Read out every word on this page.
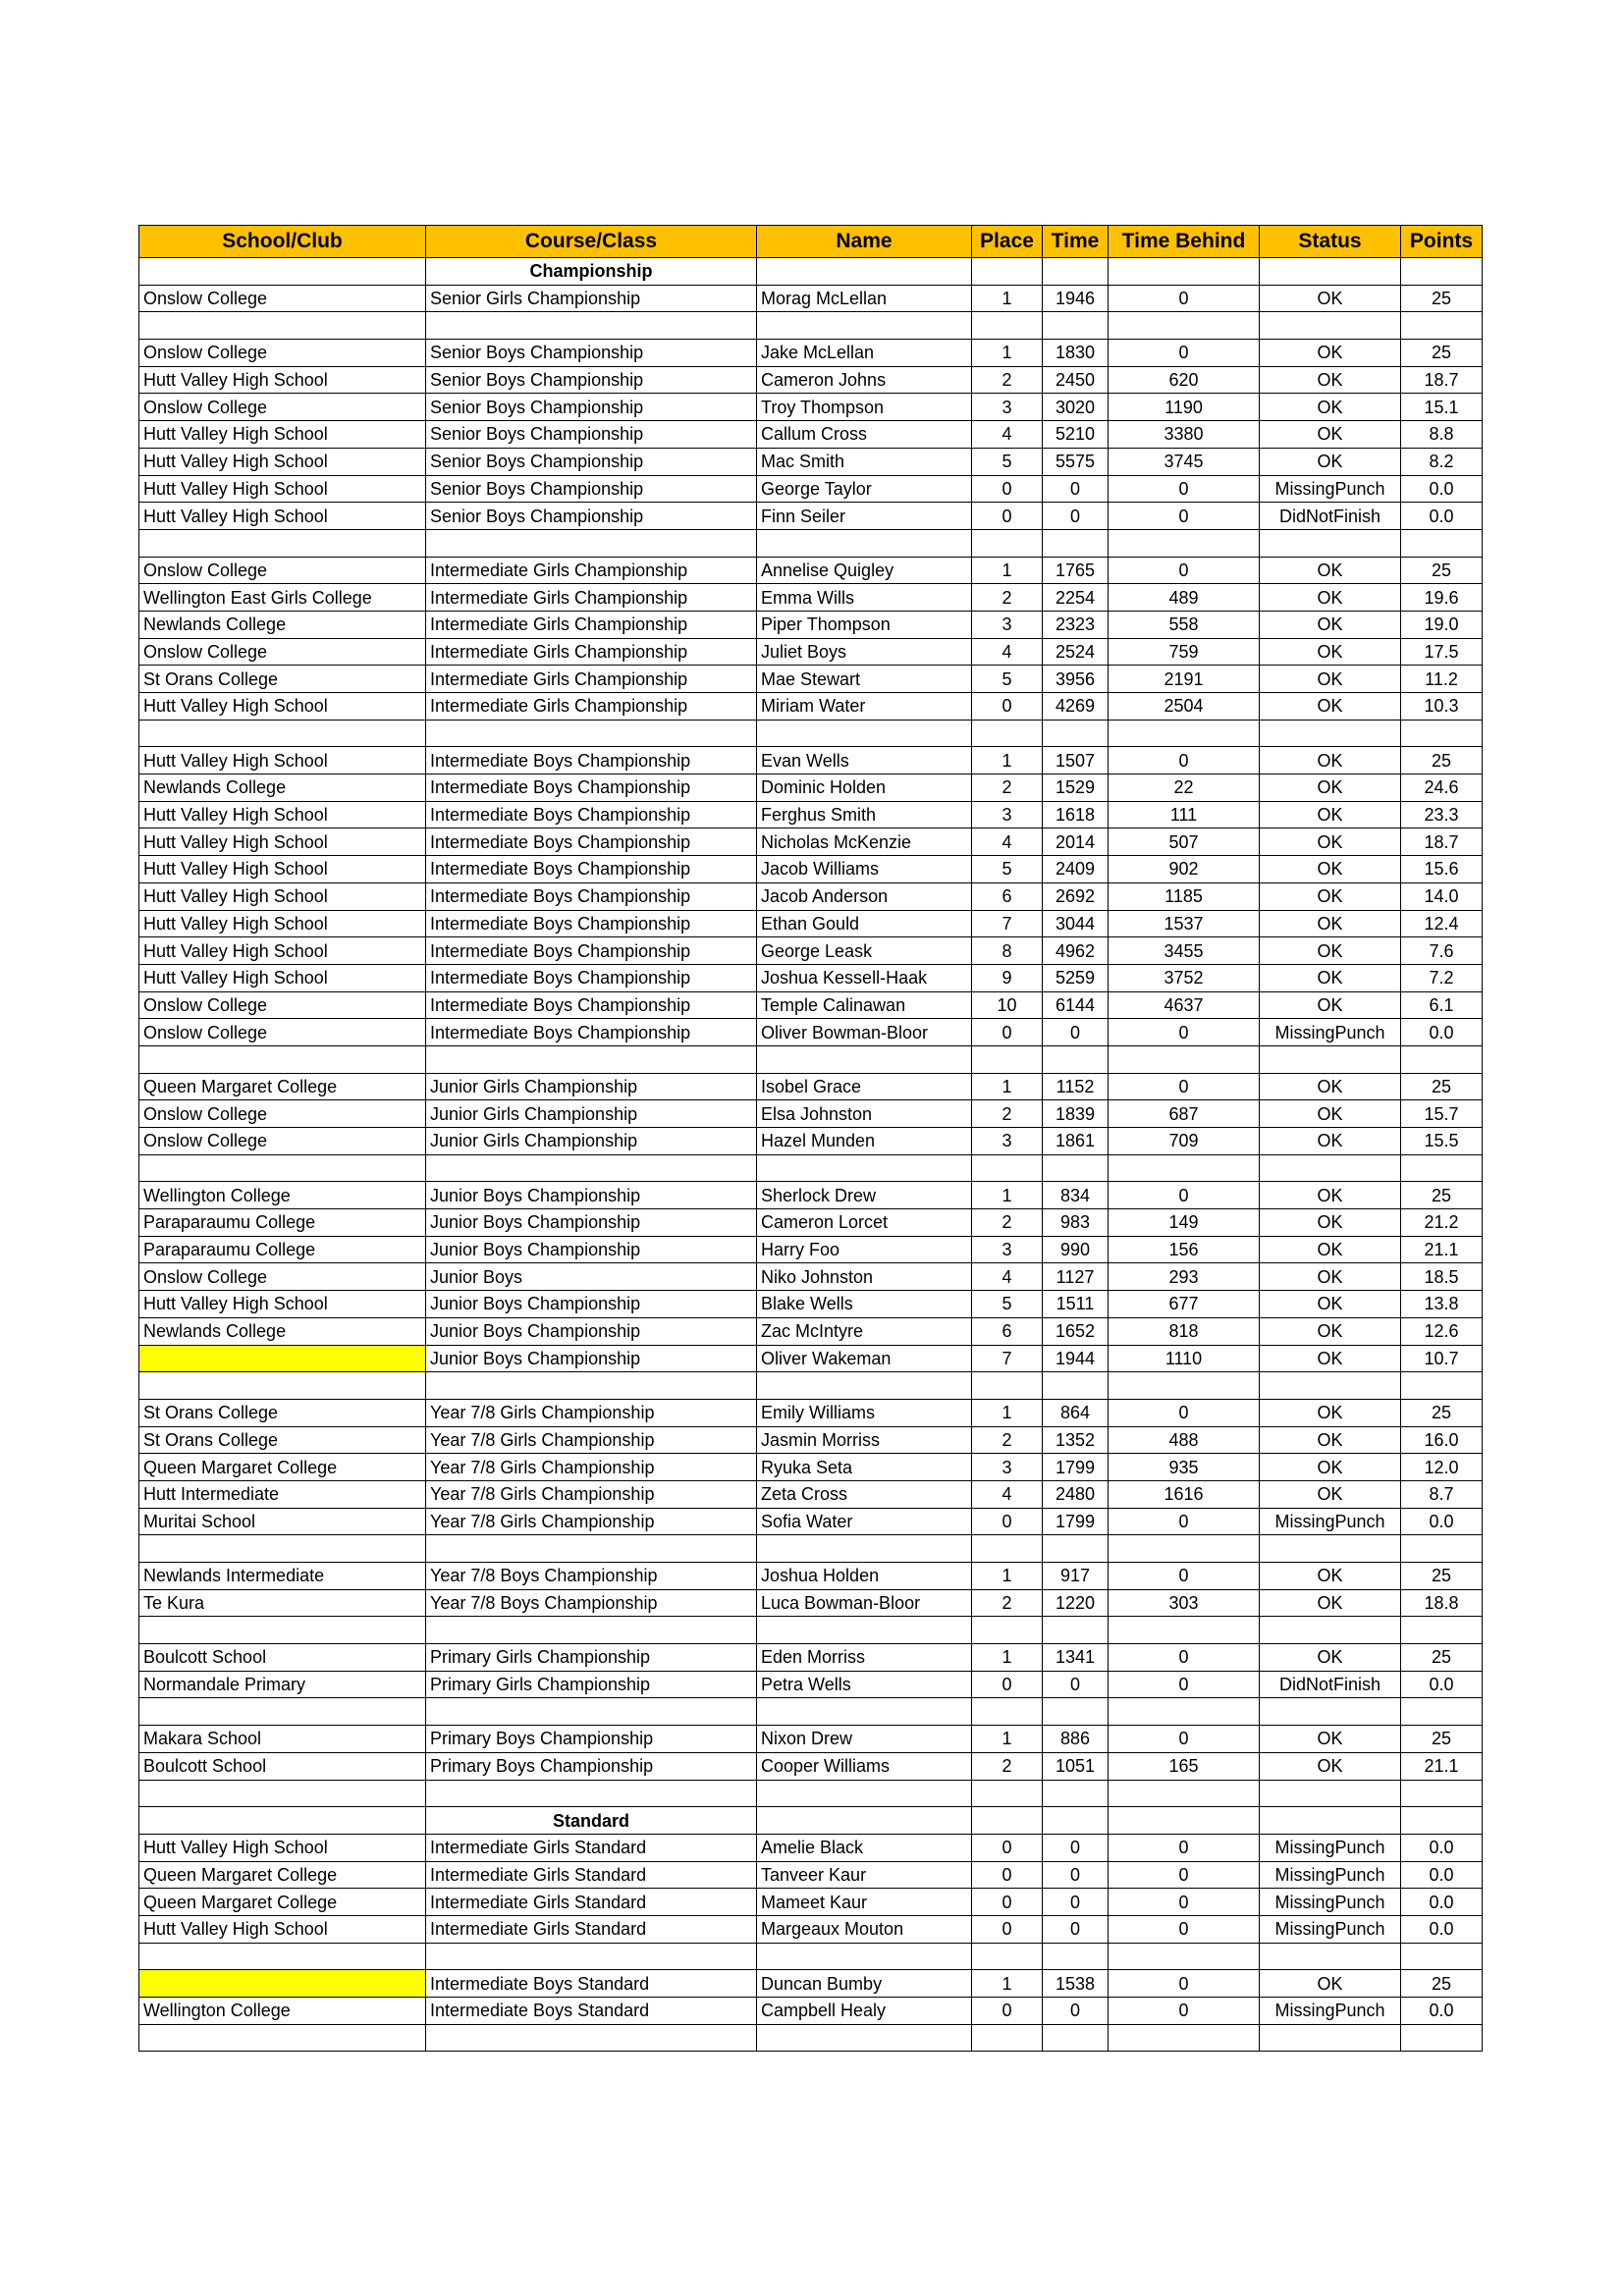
School/Club	Course/Class	Name	Place	Time	Time Behind	Status	Points
	Championship						
Onslow College	Senior Girls Championship	Morag McLellan	1	1946	0	OK	25

Onslow College	Senior Boys Championship	Jake McLellan	1	1830	0	OK	25
Hutt Valley High School	Senior Boys Championship	Cameron Johns	2	2450	620	OK	18.7
Onslow College	Senior Boys Championship	Troy Thompson	3	3020	1190	OK	15.1
Hutt Valley High School	Senior Boys Championship	Callum Cross	4	5210	3380	OK	8.8
Hutt Valley High School	Senior Boys Championship	Mac Smith	5	5575	3745	OK	8.2
Hutt Valley High School	Senior Boys Championship	George Taylor	0	0	0	MissingPunch	0.0
Hutt Valley High School	Senior Boys Championship	Finn Seiler	0	0	0	DidNotFinish	0.0

Onslow College	Intermediate Girls Championship	Annelise Quigley	1	1765	0	OK	25
Wellington East Girls College	Intermediate Girls Championship	Emma Wills	2	2254	489	OK	19.6
Newlands College	Intermediate Girls Championship	Piper Thompson	3	2323	558	OK	19.0
Onslow College	Intermediate Girls Championship	Juliet Boys	4	2524	759	OK	17.5
St Orans College	Intermediate Girls Championship	Mae Stewart	5	3956	2191	OK	11.2
Hutt Valley High School	Intermediate Girls Championship	Miriam Water	0	4269	2504	OK	10.3

Hutt Valley High School	Intermediate Boys Championship	Evan Wells	1	1507	0	OK	25
Newlands College	Intermediate Boys Championship	Dominic Holden	2	1529	22	OK	24.6
Hutt Valley High School	Intermediate Boys Championship	Ferghus Smith	3	1618	111	OK	23.3
Hutt Valley High School	Intermediate Boys Championship	Nicholas McKenzie	4	2014	507	OK	18.7
Hutt Valley High School	Intermediate Boys Championship	Jacob Williams	5	2409	902	OK	15.6
Hutt Valley High School	Intermediate Boys Championship	Jacob Anderson	6	2692	1185	OK	14.0
Hutt Valley High School	Intermediate Boys Championship	Ethan Gould	7	3044	1537	OK	12.4
Hutt Valley High School	Intermediate Boys Championship	George Leask	8	4962	3455	OK	7.6
Hutt Valley High School	Intermediate Boys Championship	Joshua Kessell-Haak	9	5259	3752	OK	7.2
Onslow College	Intermediate Boys Championship	Temple Calinawan	10	6144	4637	OK	6.1
Onslow College	Intermediate Boys Championship	Oliver Bowman-Bloor	0	0	0	MissingPunch	0.0

Queen Margaret College	Junior Girls Championship	Isobel Grace	1	1152	0	OK	25
Onslow College	Junior Girls Championship	Elsa Johnston	2	1839	687	OK	15.7
Onslow College	Junior Girls Championship	Hazel Munden	3	1861	709	OK	15.5

Wellington College	Junior Boys Championship	Sherlock Drew	1	834	0	OK	25
Paraparaumu College	Junior Boys Championship	Cameron Lorcet	2	983	149	OK	21.2
Paraparaumu College	Junior Boys Championship	Harry Foo	3	990	156	OK	21.1
Onslow College	Junior Boys	Niko Johnston	4	1127	293	OK	18.5
Hutt Valley High School	Junior Boys Championship	Blake Wells	5	1511	677	OK	13.8
Newlands College	Junior Boys Championship	Zac McIntyre	6	1652	818	OK	12.6
	Junior Boys Championship	Oliver Wakeman	7	1944	1110	OK	10.7

St Orans College	Year 7/8 Girls Championship	Emily Williams	1	864	0	OK	25
St Orans College	Year 7/8 Girls Championship	Jasmin Morriss	2	1352	488	OK	16.0
Queen Margaret College	Year 7/8 Girls Championship	Ryuka Seta	3	1799	935	OK	12.0
Hutt Intermediate	Year 7/8 Girls Championship	Zeta Cross	4	2480	1616	OK	8.7
Muritai School	Year 7/8 Girls Championship	Sofia Water	0	1799	0	MissingPunch	0.0

Newlands Intermediate	Year 7/8 Boys Championship	Joshua Holden	1	917	0	OK	25
Te Kura	Year 7/8 Boys Championship	Luca Bowman-Bloor	2	1220	303	OK	18.8

Boulcott School	Primary Girls Championship	Eden Morriss	1	1341	0	OK	25
Normandale Primary	Primary Girls Championship	Petra Wells	0	0	0	DidNotFinish	0.0

Makara School	Primary Boys Championship	Nixon Drew	1	886	0	OK	25
Boulcott School	Primary Boys Championship	Cooper Williams	2	1051	165	OK	21.1

	Standard						
Hutt Valley High School	Intermediate Girls Standard	Amelie Black	0	0	0	MissingPunch	0.0
Queen Margaret College	Intermediate Girls Standard	Tanveer Kaur	0	0	0	MissingPunch	0.0
Queen Margaret College	Intermediate Girls Standard	Mameet Kaur	0	0	0	MissingPunch	0.0
Hutt Valley High School	Intermediate Girls Standard	Margeaux Mouton	0	0	0	MissingPunch	0.0

	Intermediate Boys Standard	Duncan Bumby	1	1538	0	OK	25
Wellington College	Intermediate Boys Standard	Campbell Healy	0	0	0	MissingPunch	0.0
